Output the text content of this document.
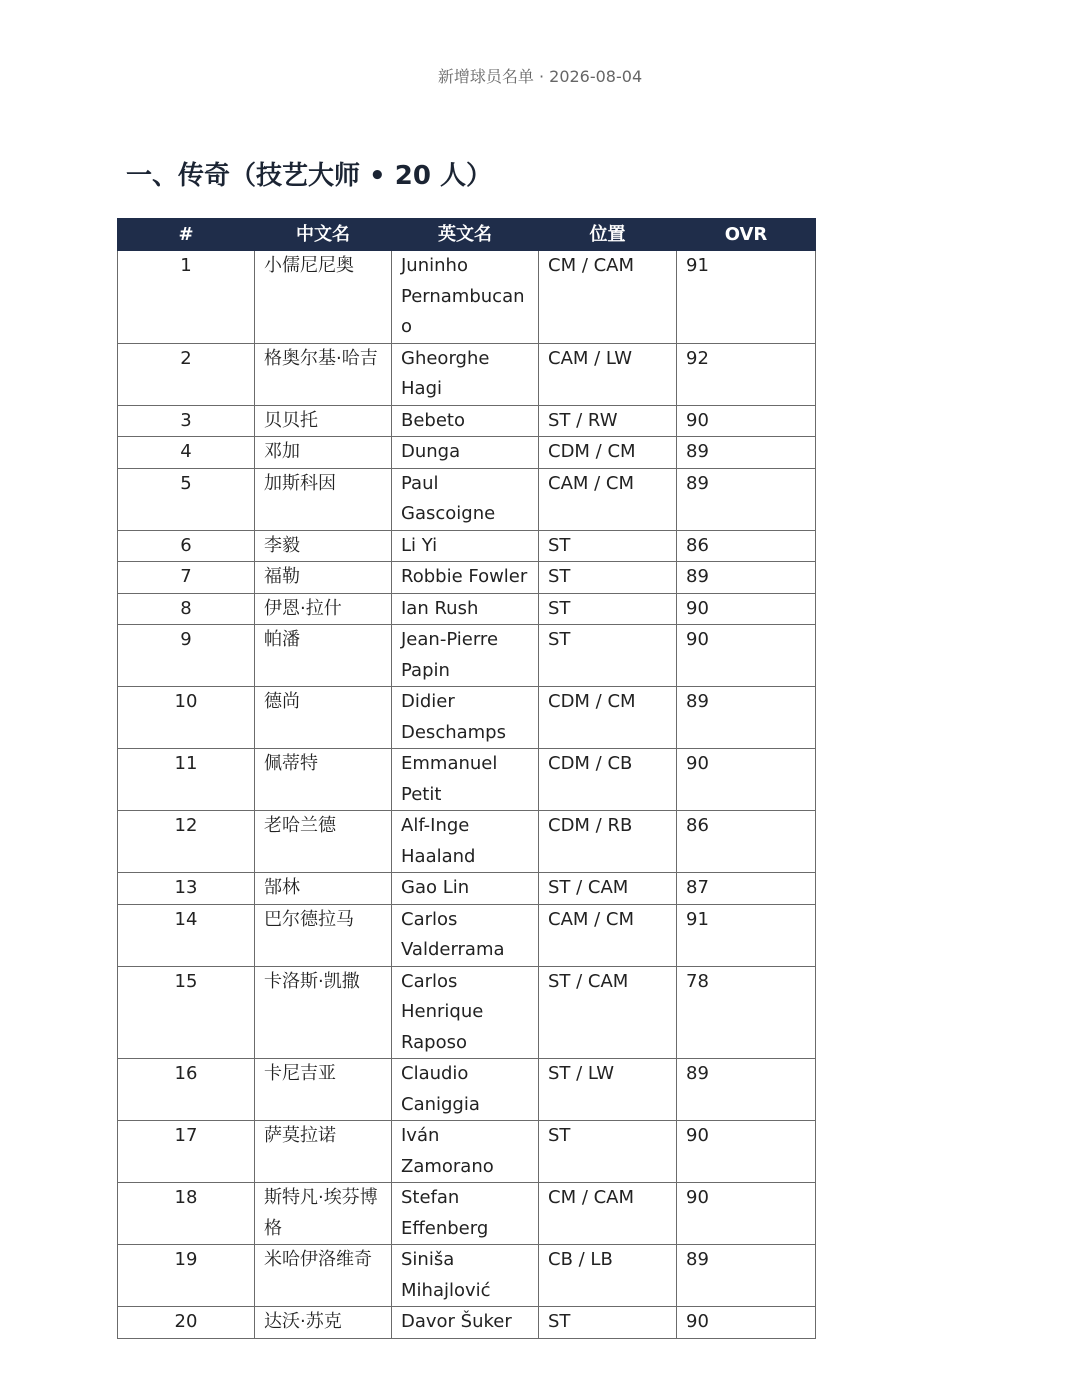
新增球员名单 · 2026-08-04
一、传奇（技艺大师 • 20 人）
#	中文名	英文名	位置	OVR
1	小儒尼尼奥	Juninho Pernambucano	CM / CAM	91
2	格奥尔基·哈吉	Gheorghe Hagi	CAM / LW	92
3	贝贝托	Bebeto	ST / RW	90
4	邓加	Dunga	CDM / CM	89
5	加斯科因	Paul Gascoigne	CAM / CM	89
6	李毅	Li Yi	ST	86
7	福勒	Robbie Fowler	ST	89
8	伊恩·拉什	Ian Rush	ST	90
9	帕潘	Jean-Pierre Papin	ST	90
10	德尚	Didier Deschamps	CDM / CM	89
11	佩蒂特	Emmanuel Petit	CDM / CB	90
12	老哈兰德	Alf-Inge Haaland	CDM / RB	86
13	郜林	Gao Lin	ST / CAM	87
14	巴尔德拉马	Carlos Valderrama	CAM / CM	91
15	卡洛斯·凯撒	Carlos Henrique Raposo	ST / CAM	78
16	卡尼吉亚	Claudio Caniggia	ST / LW	89
17	萨莫拉诺	Iván Zamorano	ST	90
18	斯特凡·埃芬博格	Stefan Effenberg	CM / CAM	90
19	米哈伊洛维奇	Siniša Mihajlović	CB / LB	89
20	达沃·苏克	Davor Šuker	ST	90
